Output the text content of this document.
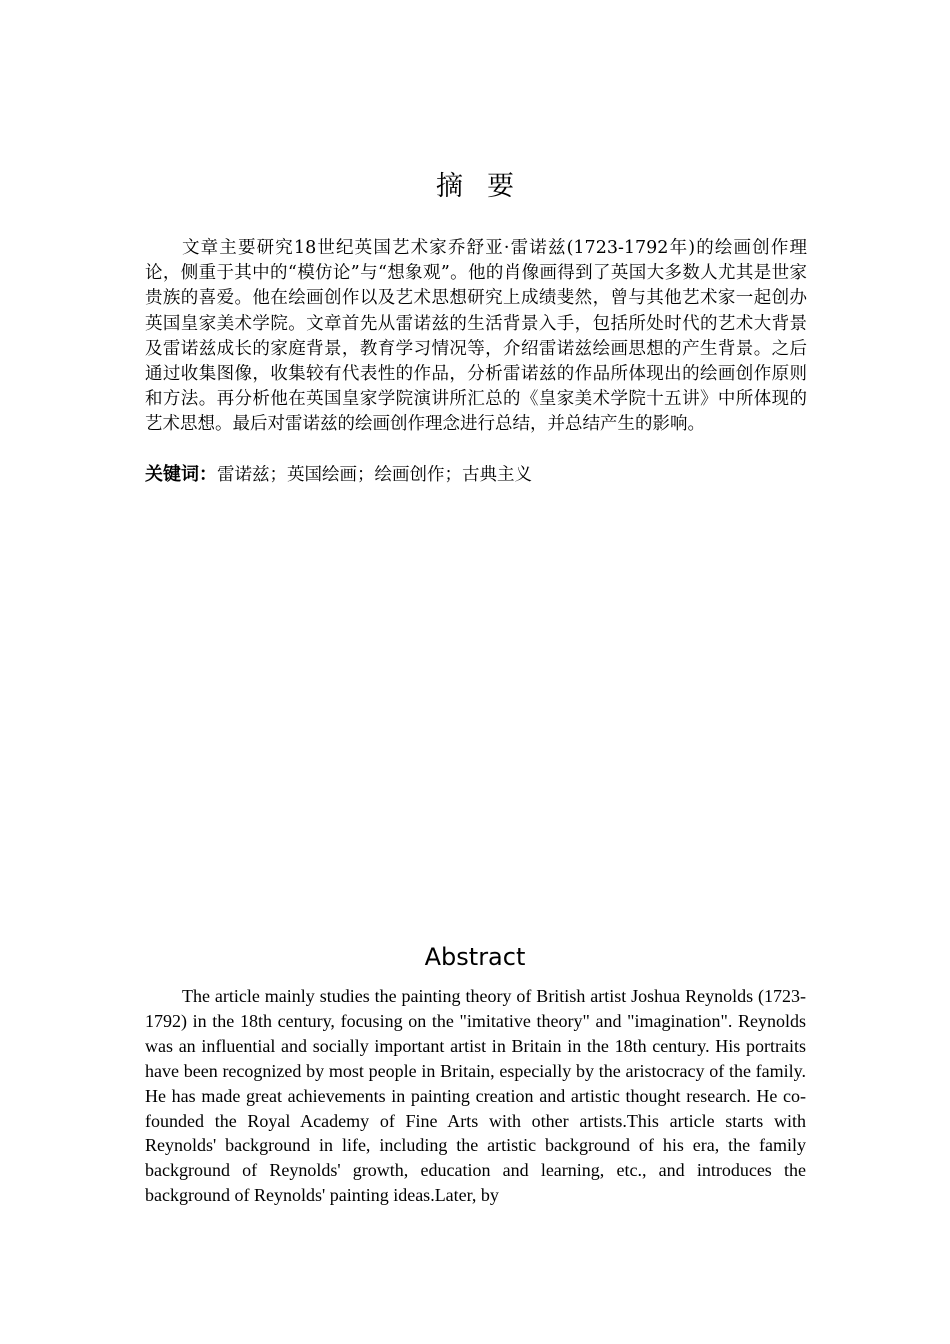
摘要

文章主要研究18世纪英国艺术家乔舒亚·雷诺兹(1723-1792年)的绘画创作理论，侧重于其中的“模仿论”与“想象观”。他的肖像画得到了英国大多数人尤其是世家贵族的喜爱。他在绘画创作以及艺术思想研究上成绩斐然，曾与其他艺术家一起创办英国皇家美术学院。文章首先从雷诺兹的生活背景入手，包括所处时代的艺术大背景及雷诺兹成长的家庭背景，教育学习情况等，介绍雷诺兹绘画思想的产生背景。之后通过收集图像，收集较有代表性的作品，分析雷诺兹的作品所体现出的绘画创作原则和方法。再分析他在英国皇家学院演讲所汇总的《皇家美术学院十五讲》中所体现的艺术思想。最后对雷诺兹的绘画创作理念进行总结，并总结产生的影响。

关键词：雷诺兹；英国绘画；绘画创作；古典主义

Abstract

The article mainly studies the painting theory of British artist Joshua Reynolds (1723-1792) in the 18th century, focusing on the "imitative theory" and "imagination". Reynolds was an influential and socially important artist in Britain in the 18th century. His portraits have been recognized by most people in Britain, especially by the aristocracy of the family. He has made great achievements in painting creation and artistic thought research. He co-founded the Royal Academy of Fine Arts with other artists.This article starts with Reynolds' background in life, including the artistic background of his era, the family background of Reynolds' growth, education and learning, etc., and introduces the background of Reynolds' painting ideas.Later, by
